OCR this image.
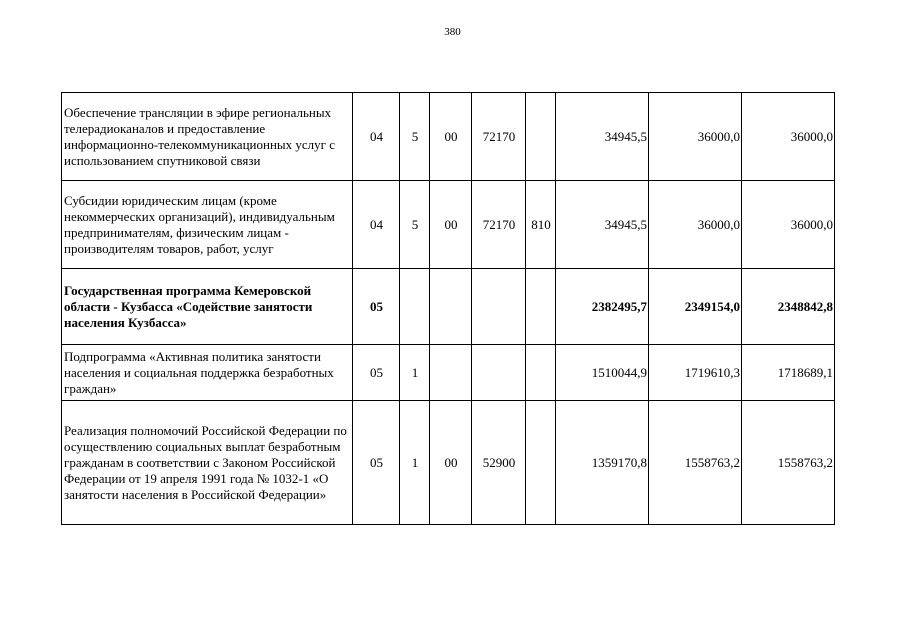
380
Обеспечение трансляции в эфире региональных телерадиоканалов и предоставление информационно-телекоммуникационных услуг с использованием спутниковой связи	04	5	00	72170		34945,5	36000,0	36000,0
Субсидии юридическим лицам (кроме некоммерческих организаций), индивидуальным предпринимателям, физическим лицам - производителям товаров, работ, услуг	04	5	00	72170	810	34945,5	36000,0	36000,0
Государственная программа Кемеровской области - Кузбасса «Содействие занятости населения Кузбасса»	05					2382495,7	2349154,0	2348842,8
Подпрограмма «Активная политика занятости населения и социальная поддержка безработных граждан»	05	1				1510044,9	1719610,3	1718689,1
Реализация полномочий Российской Федерации по осуществлению социальных выплат безработным гражданам в соответствии с Законом Российской Федерации от 19 апреля 1991 года № 1032-1 «О занятости населения в Российской Федерации»	05	1	00	52900		1359170,8	1558763,2	1558763,2
